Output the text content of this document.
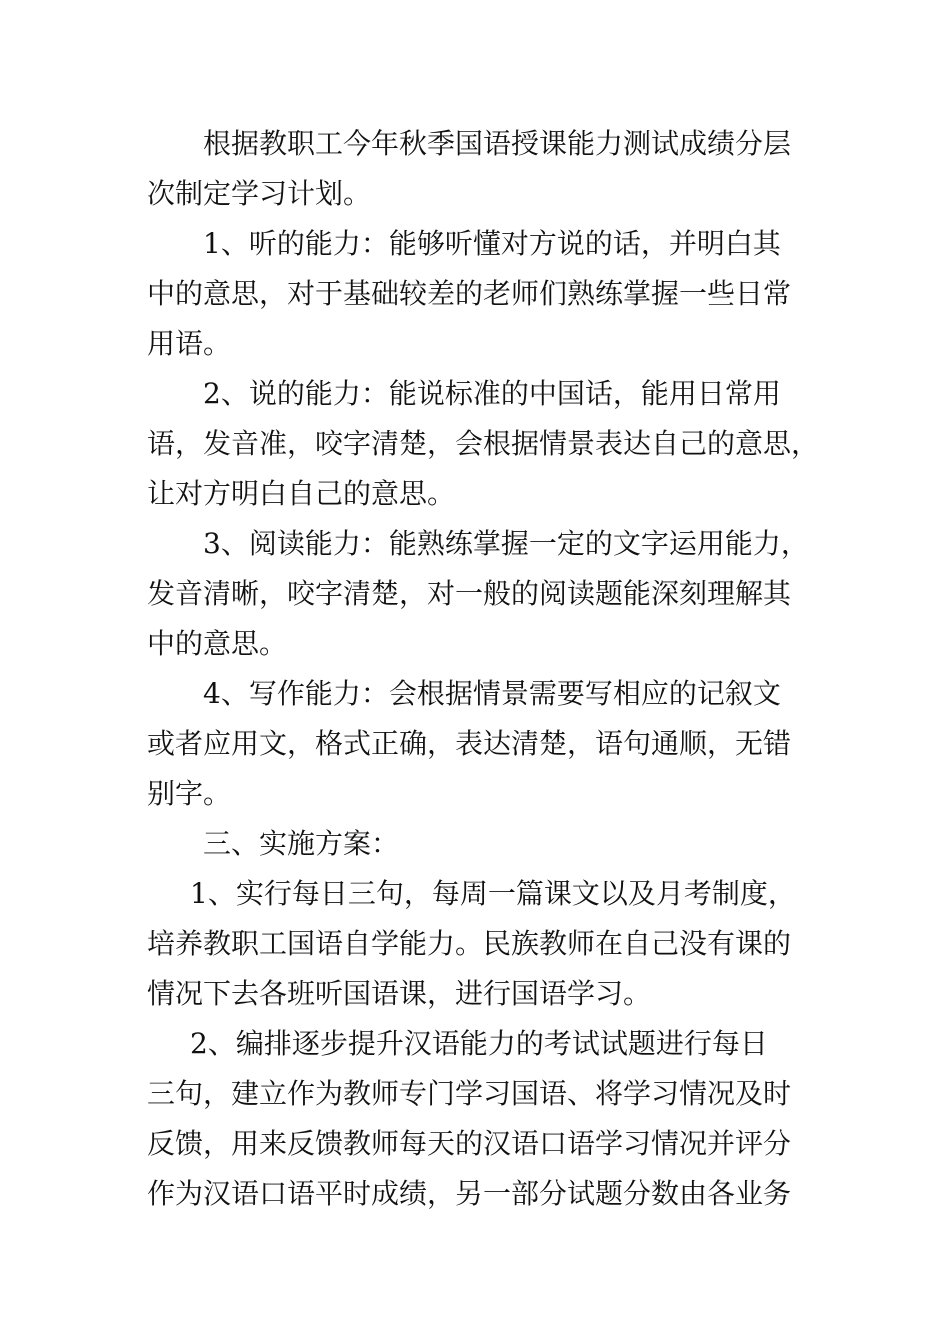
根据教职工今年秋季国语授课能力测试成绩分层
次制定学习计划。
1、听的能力：能够听懂对方说的话，并明白其
中的意思，对于基础较差的老师们熟练掌握一些日常
用语。
2、说的能力：能说标准的中国话，能用日常用
语，发音准，咬字清楚，会根据情景表达自己的意思，
让对方明白自己的意思。
3、阅读能力：能熟练掌握一定的文字运用能力，
发音清晰，咬字清楚，对一般的阅读题能深刻理解其
中的意思。
4、写作能力：会根据情景需要写相应的记叙文
或者应用文，格式正确，表达清楚，语句通顺，无错
别字。
三、实施方案：
1、实行每日三句，每周一篇课文以及月考制度，
培养教职工国语自学能力。民族教师在自己没有课的
情况下去各班听国语课，进行国语学习。
2、编排逐步提升汉语能力的考试试题进行每日
三句，建立作为教师专门学习国语、将学习情况及时
反馈，用来反馈教师每天的汉语口语学习情况并评分
作为汉语口语平时成绩，另一部分试题分数由各业务
